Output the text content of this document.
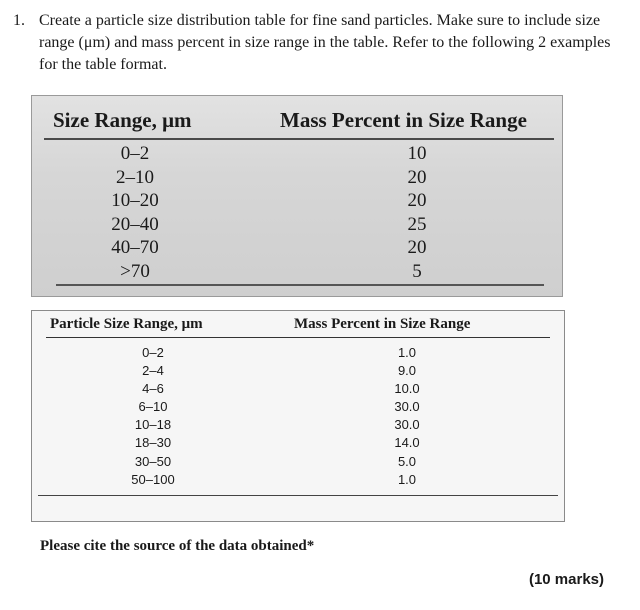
1. Create a particle size distribution table for fine sand particles. Make sure to include size range (μm) and mass percent in size range in the table. Refer to the following 2 examples for the table format.
Size Range, μm	Mass Percent in Size Range
0–2	10
2–10	20
10–20	20
20–40	25
40–70	20
>70	5
Particle Size Range, μm	Mass Percent in Size Range
0–2	1.0
2–4	9.0
4–6	10.0
6–10	30.0
10–18	30.0
18–30	14.0
30–50	5.0
50–100	1.0
Please cite the source of the data obtained*
(10 marks)
